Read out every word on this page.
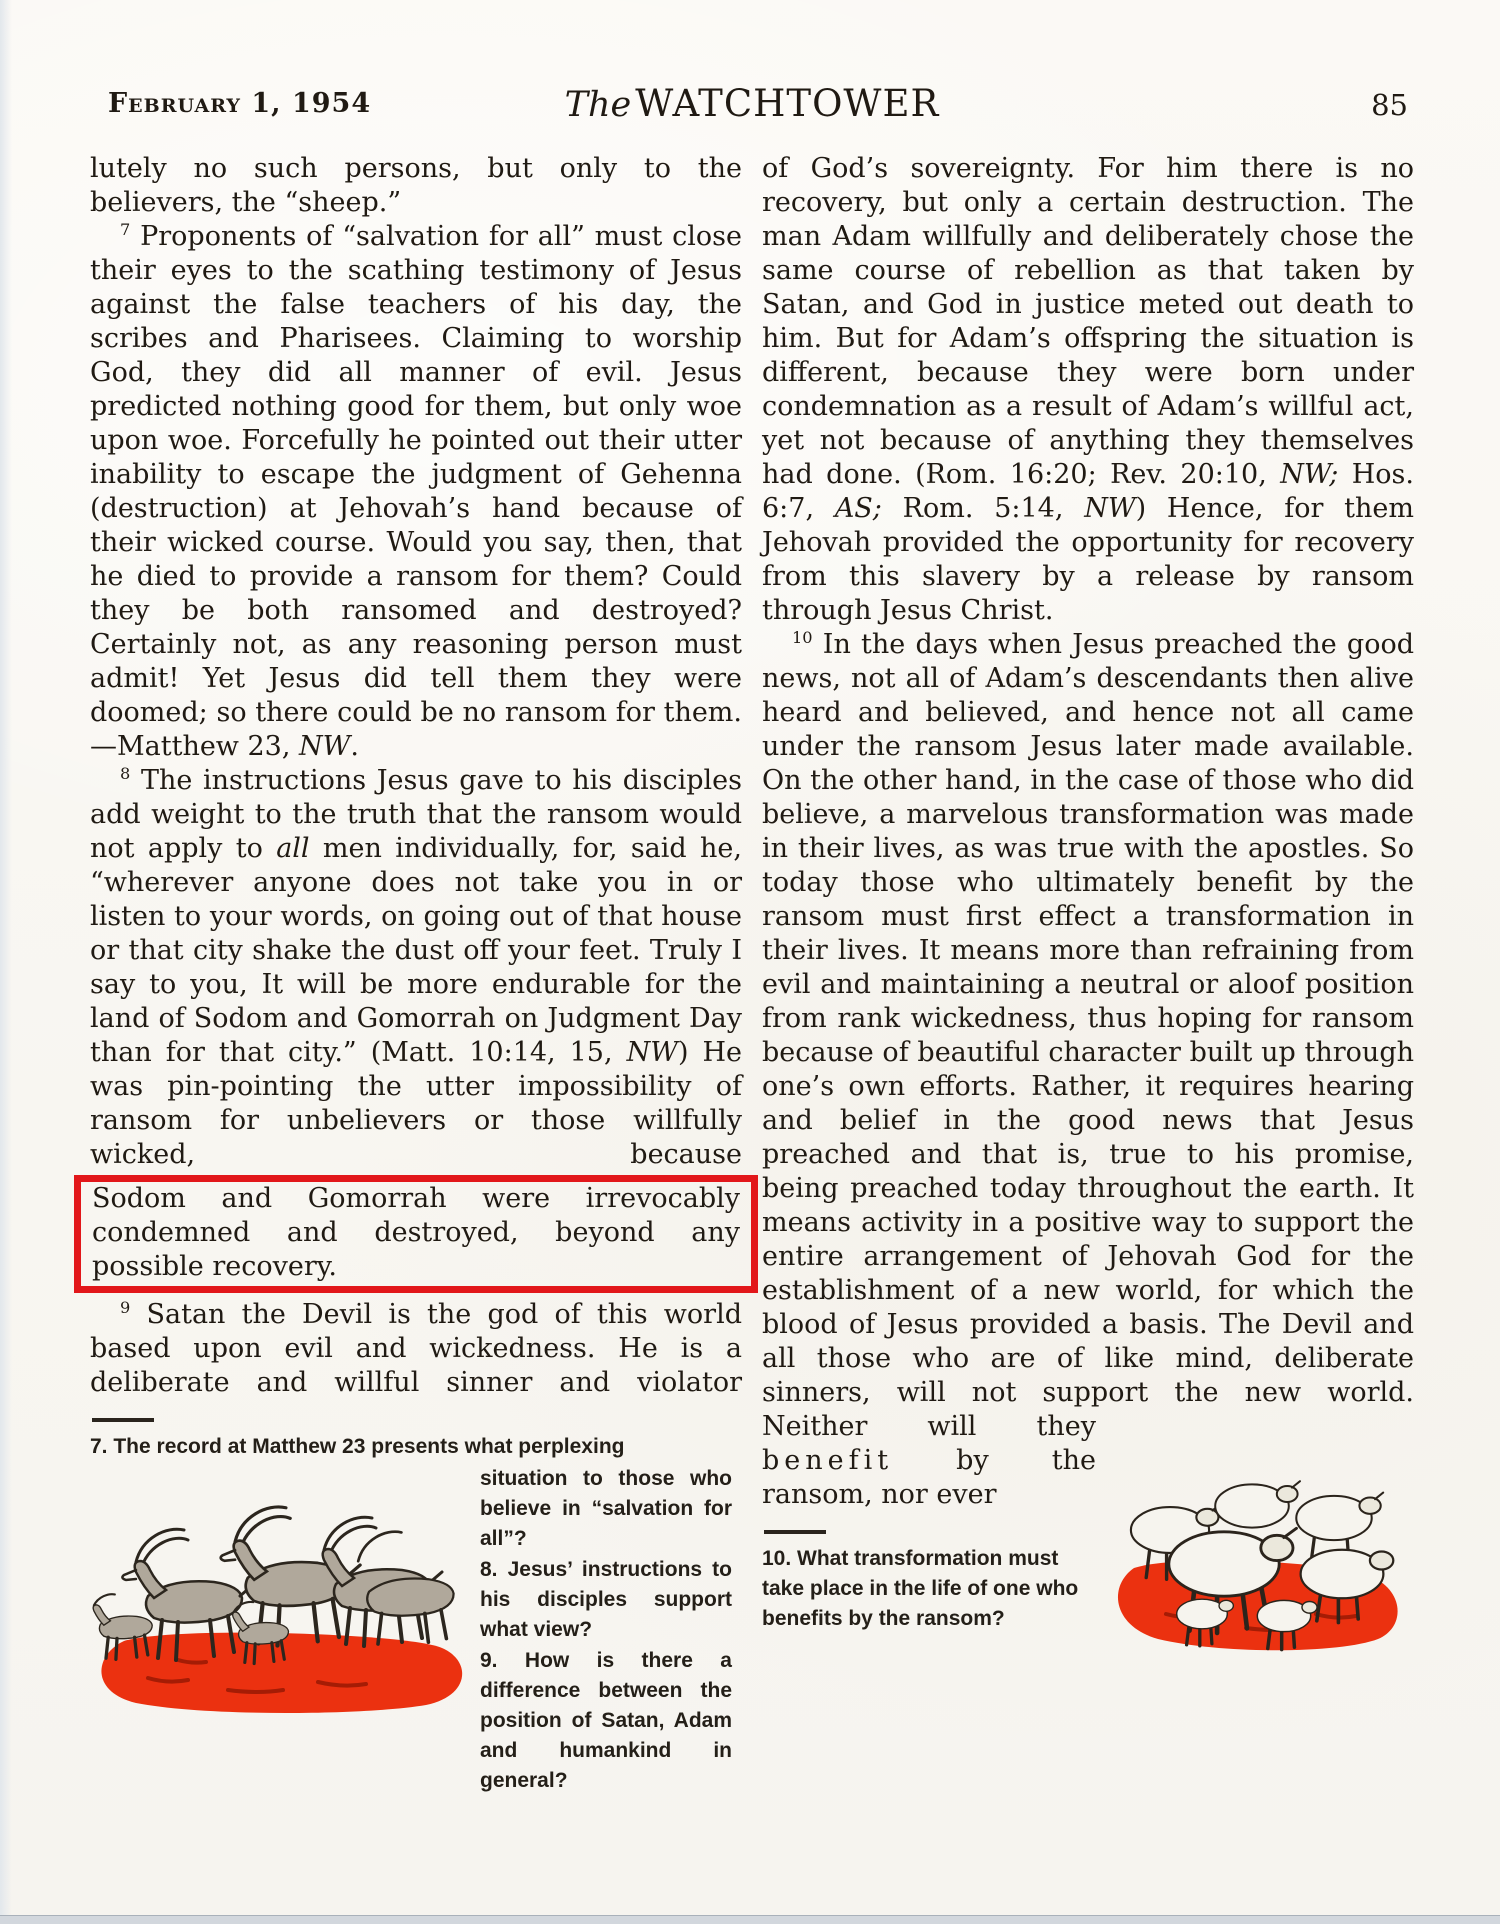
February 1, 1954	The WATCHTOWER	85

lutely no such persons, but only to the believers, the “sheep.”

$^7$ Proponents of “salvation for all” must close their eyes to the scathing testimony of Jesus against the false teachers of his day, the scribes and Pharisees. Claiming to worship God, they did all manner of evil. Jesus predicted nothing good for them, but only woe upon woe. Forcefully he pointed out their utter inability to escape the judgment of Gehenna (destruction) at Jehovah’s hand because of their wicked course. Would you say, then, that he died to provide a ransom for them? Could they be both ransomed and destroyed? Certainly not, as any reasoning person must admit! Yet Jesus did tell them they were doomed; so there could be no ransom for them.—Matthew 23, NW.

$^8$ The instructions Jesus gave to his disciples add weight to the truth that the ransom would not apply to all men individually, for, said he, “wherever anyone does not take you in or listen to your words, on going out of that house or that city shake the dust off your feet. Truly I say to you, It will be more endurable for the land of Sodom and Gomorrah on Judgment Day than for that city.” (Matt. 10:14, 15, NW) He was pin-pointing the utter impossibility of ransom for unbelievers or those willfully wicked, because

Sodom and Gomorrah were irrevocably condemned and destroyed, beyond any possible recovery.

$^9$ Satan the Devil is the god of this world based upon evil and wickedness. He is a deliberate and willful sinner and violator

7. The record at Matthew 23 presents what perplexing
situation to those who believe in “salvation for all”?
8. Jesus’ instructions to his disciples support what view?
9. How is there a difference between the position of Satan, Adam and humankind in general?

of God’s sovereignty. For him there is no recovery, but only a certain destruction. The man Adam willfully and deliberately chose the same course of rebellion as that taken by Satan, and God in justice meted out death to him. But for Adam’s offspring the situation is different, because they were born under condemnation as a result of Adam’s willful act, yet not because of anything they themselves had done. (Rom. 16:20; Rev. 20:10, NW; Hos. 6:7, AS; Rom. 5:14, NW) Hence, for them Jehovah provided the opportunity for recovery from this slavery by a release by ransom through Jesus Christ.

$^{10}$ In the days when Jesus preached the good news, not all of Adam’s descendants then alive heard and believed, and hence not all came under the ransom Jesus later made available. On the other hand, in the case of those who did believe, a marvelous transformation was made in their lives, as was true with the apostles. So today those who ultimately benefit by the ransom must first effect a transformation in their lives. It means more than refraining from evil and maintaining a neutral or aloof position from rank wickedness, thus hoping for ransom because of beautiful character built up through one’s own efforts. Rather, it requires hearing and belief in the good news that Jesus preached and that is, true to his promise, being preached today throughout the earth. It means activity in a positive way to support the entire arrangement of Jehovah God for the establishment of a new world, for which the blood of Jesus provided a basis. The Devil and all those who are of like mind, deliberate sinners, will not support the new world.

Neither will they benefit by the ransom, nor ever

10. What transformation must take place in the life of one who benefits by the ransom?
